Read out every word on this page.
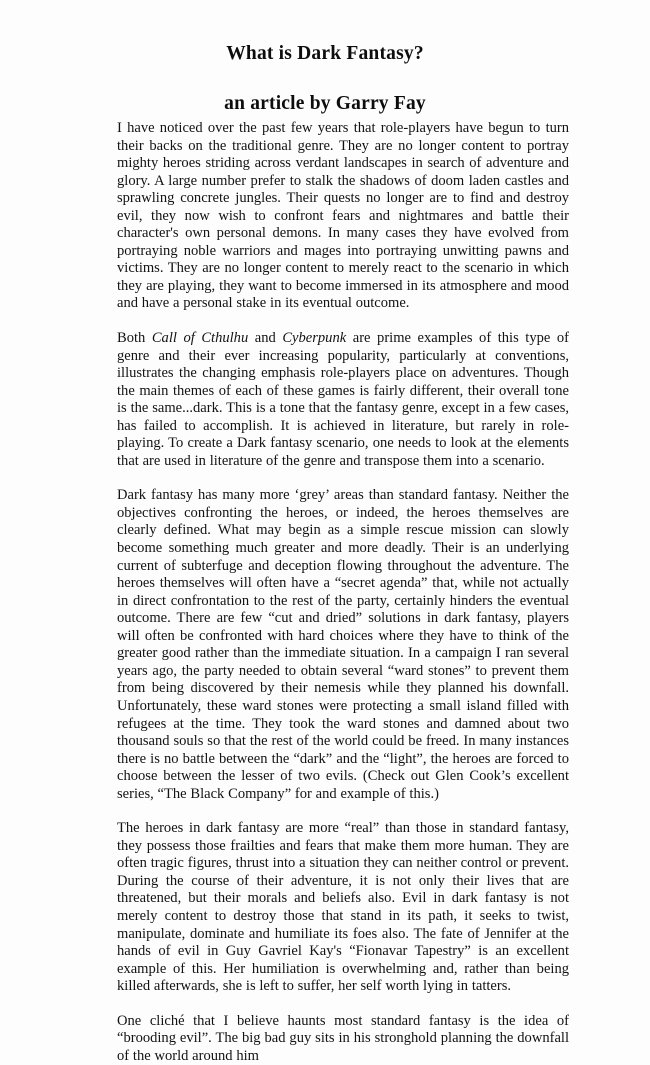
What is Dark Fantasy?
an article by Garry Fay

I have noticed over the past few years that role-players have begun to turn their backs on the traditional genre. They are no longer content to portray mighty heroes striding across verdant landscapes in search of adventure and glory. A large number prefer to stalk the shadows of doom laden castles and sprawling concrete jungles. Their quests no longer are to find and destroy evil, they now wish to confront fears and nightmares and battle their character's own personal demons. In many cases they have evolved from portraying noble warriors and mages into portraying unwitting pawns and victims. They are no longer content to merely react to the scenario in which they are playing, they want to become immersed in its atmosphere and mood and have a personal stake in its eventual outcome.

Both Call of Cthulhu and Cyberpunk are prime examples of this type of genre and their ever increasing popularity, particularly at conventions, illustrates the changing emphasis role-players place on adventures. Though the main themes of each of these games is fairly different, their overall tone is the same...dark. This is a tone that the fantasy genre, except in a few cases, has failed to accomplish. It is achieved in literature, but rarely in role-playing. To create a Dark fantasy scenario, one needs to look at the elements that are used in literature of the genre and transpose them into a scenario.

Dark fantasy has many more ‘grey’ areas than standard fantasy. Neither the objectives confronting the heroes, or indeed, the heroes themselves are clearly defined. What may begin as a simple rescue mission can slowly become something much greater and more deadly. Their is an underlying current of subterfuge and deception flowing throughout the adventure. The heroes themselves will often have a “secret agenda” that, while not actually in direct confrontation to the rest of the party, certainly hinders the eventual outcome. There are few “cut and dried” solutions in dark fantasy, players will often be confronted with hard choices where they have to think of the greater good rather than the immediate situation. In a campaign I ran several years ago, the party needed to obtain several “ward stones” to prevent them from being discovered by their nemesis while they planned his downfall. Unfortunately, these ward stones were protecting a small island filled with refugees at the time. They took the ward stones and damned about two thousand souls so that the rest of the world could be freed. In many instances there is no battle between the “dark” and the “light”, the heroes are forced to choose between the lesser of two evils. (Check out Glen Cook’s excellent series, “The Black Company” for and example of this.)

The heroes in dark fantasy are more “real” than those in standard fantasy, they possess those frailties and fears that make them more human. They are often tragic figures, thrust into a situation they can neither control or prevent. During the course of their adventure, it is not only their lives that are threatened, but their morals and beliefs also. Evil in dark fantasy is not merely content to destroy those that stand in its path, it seeks to twist, manipulate, dominate and humiliate its foes also. The fate of Jennifer at the hands of evil in Guy Gavriel Kay's “Fionavar Tapestry” is an excellent example of this. Her humiliation is overwhelming and, rather than being killed afterwards, she is left to suffer, her self worth lying in tatters.

One cliché that I believe haunts most standard fantasy is the idea of “brooding evil”. The big bad guy sits in his stronghold planning the downfall of the world around him
